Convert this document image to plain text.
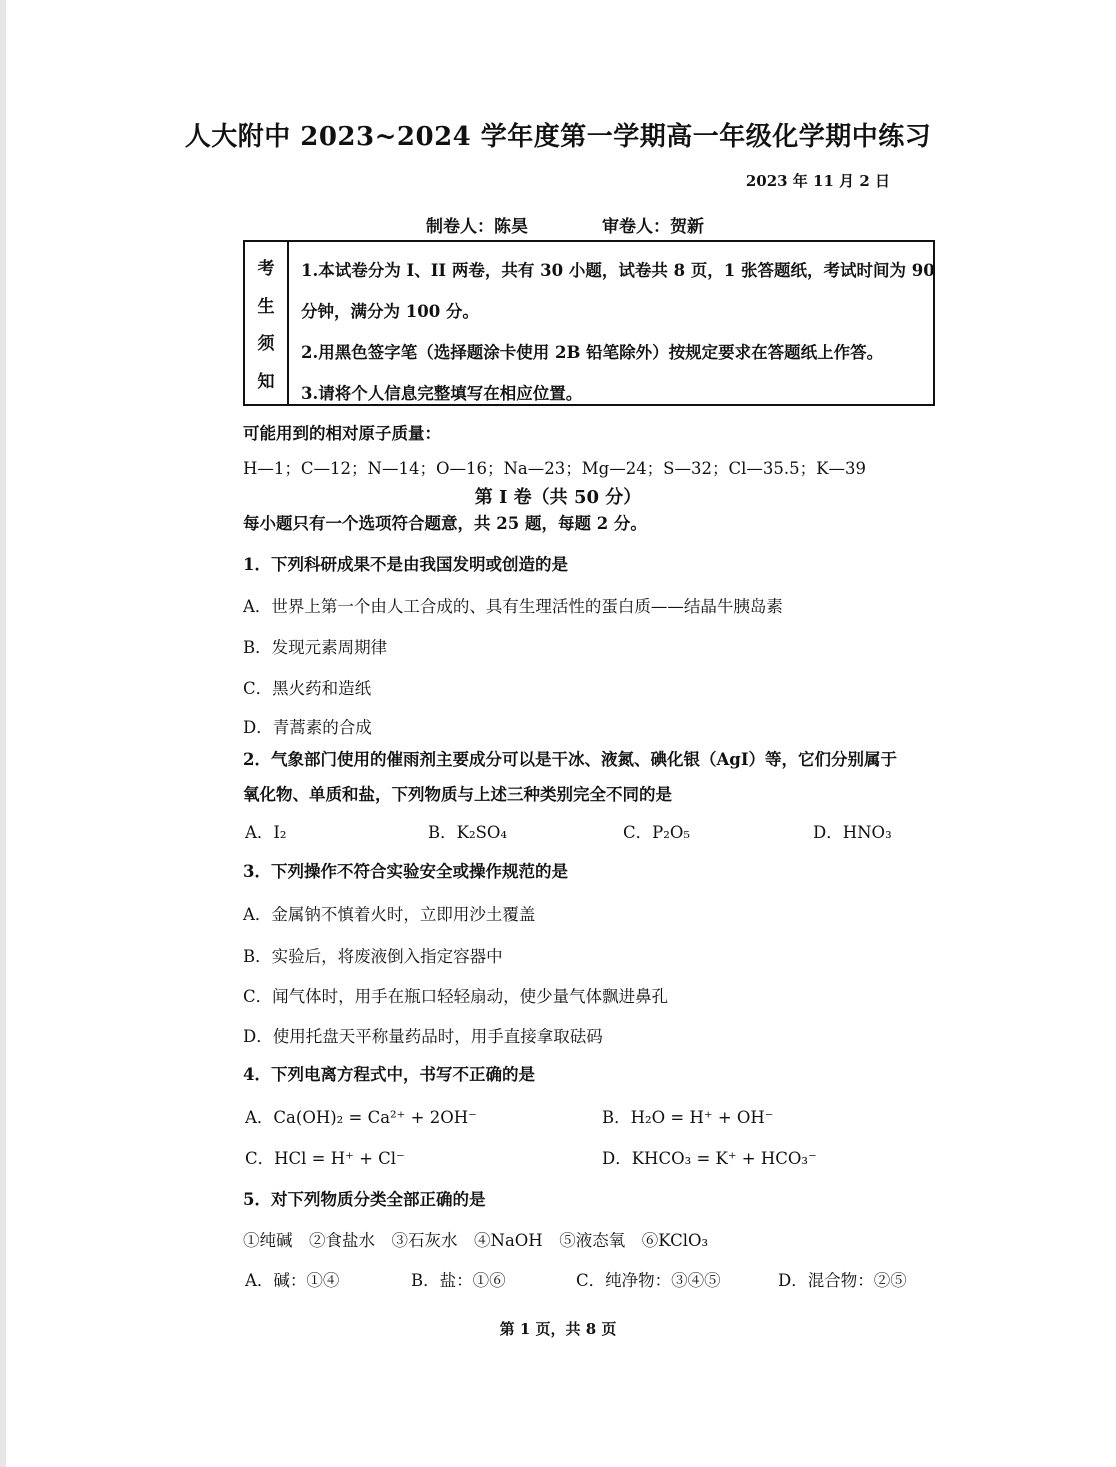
人大附中 2023~2024 学年度第一学期高一年级化学期中练习
2023 年 11 月 2 日
制卷人：陈昊	审卷人：贺新
考
生
须
知
1.本试卷分为 I、II 两卷，共有 30 小题，试卷共 8 页，1 张答题纸，考试时间为 90
分钟，满分为 100 分。
2.用黑色签字笔（选择题涂卡使用 2B 铅笔除外）按规定要求在答题纸上作答。
3.请将个人信息完整填写在相应位置。
可能用到的相对原子质量：
H—1；C—12；N—14；O—16；Na—23；Mg—24；S—32；Cl—35.5；K—39
第 I 卷（共 50 分）
每小题只有一个选项符合题意，共 25 题，每题 2 分。
1．下列科研成果不是由我国发明或创造的是
A．世界上第一个由人工合成的、具有生理活性的蛋白质——结晶牛胰岛素
B．发现元素周期律
C．黑火药和造纸
D．青蒿素的合成
2．气象部门使用的催雨剂主要成分可以是干冰、液氮、碘化银（AgI）等，它们分别属于
氧化物、单质和盐，下列物质与上述三种类别完全不同的是
A．I₂	B．K₂SO₄	C．P₂O₅	D．HNO₃
3．下列操作不符合实验安全或操作规范的是
A．金属钠不慎着火时，立即用沙土覆盖
B．实验后，将废液倒入指定容器中
C．闻气体时，用手在瓶口轻轻扇动，使少量气体飘进鼻孔
D．使用托盘天平称量药品时，用手直接拿取砝码
4．下列电离方程式中，书写不正确的是
A．Ca(OH)₂ = Ca²⁺ + 2OH⁻	B．H₂O = H⁺ + OH⁻
C．HCl = H⁺ + Cl⁻	D．KHCO₃ = K⁺ + HCO₃⁻
5．对下列物质分类全部正确的是
①纯碱　②食盐水　③石灰水　④NaOH　⑤液态氧　⑥KClO₃
A．碱：①④	B．盐：①⑥	C．纯净物：③④⑤	D．混合物：②⑤
第 1 页，共 8 页
